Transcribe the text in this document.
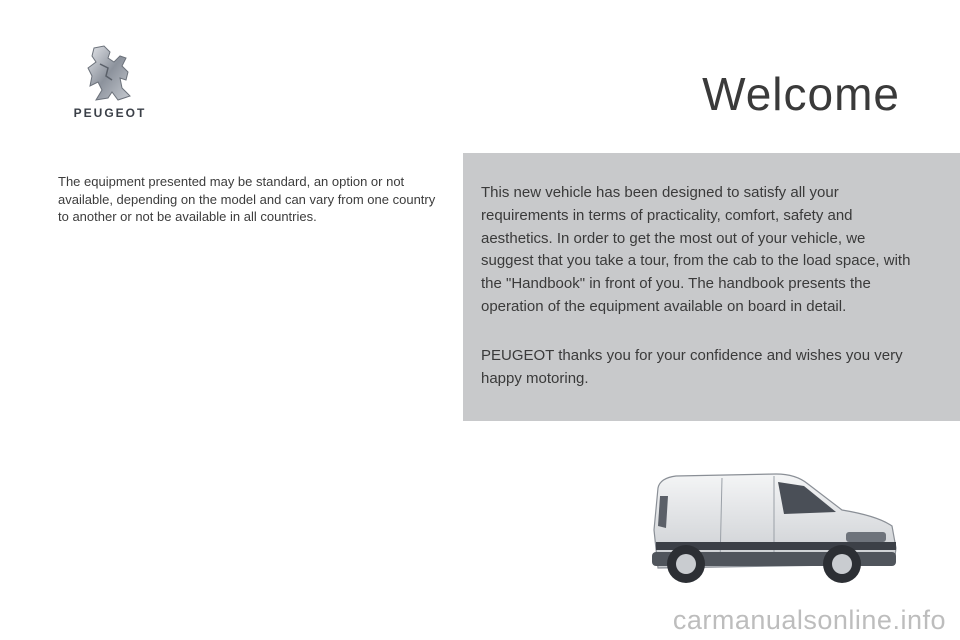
PEUGEOT	Welcome

The equipment presented may be standard, an option or not available, depending on the model and can vary from one country to another or not be available in all countries.

This new vehicle has been designed to satisfy all your requirements in terms of practicality, comfort, safety and aesthetics. In order to get the most out of your vehicle, we suggest that you take a tour, from the cab to the load space, with the "Handbook" in front of you. The handbook presents the operation of the equipment available on board in detail.

PEUGEOT thanks you for your confidence and wishes you very happy motoring.

carmanualsonline.info
